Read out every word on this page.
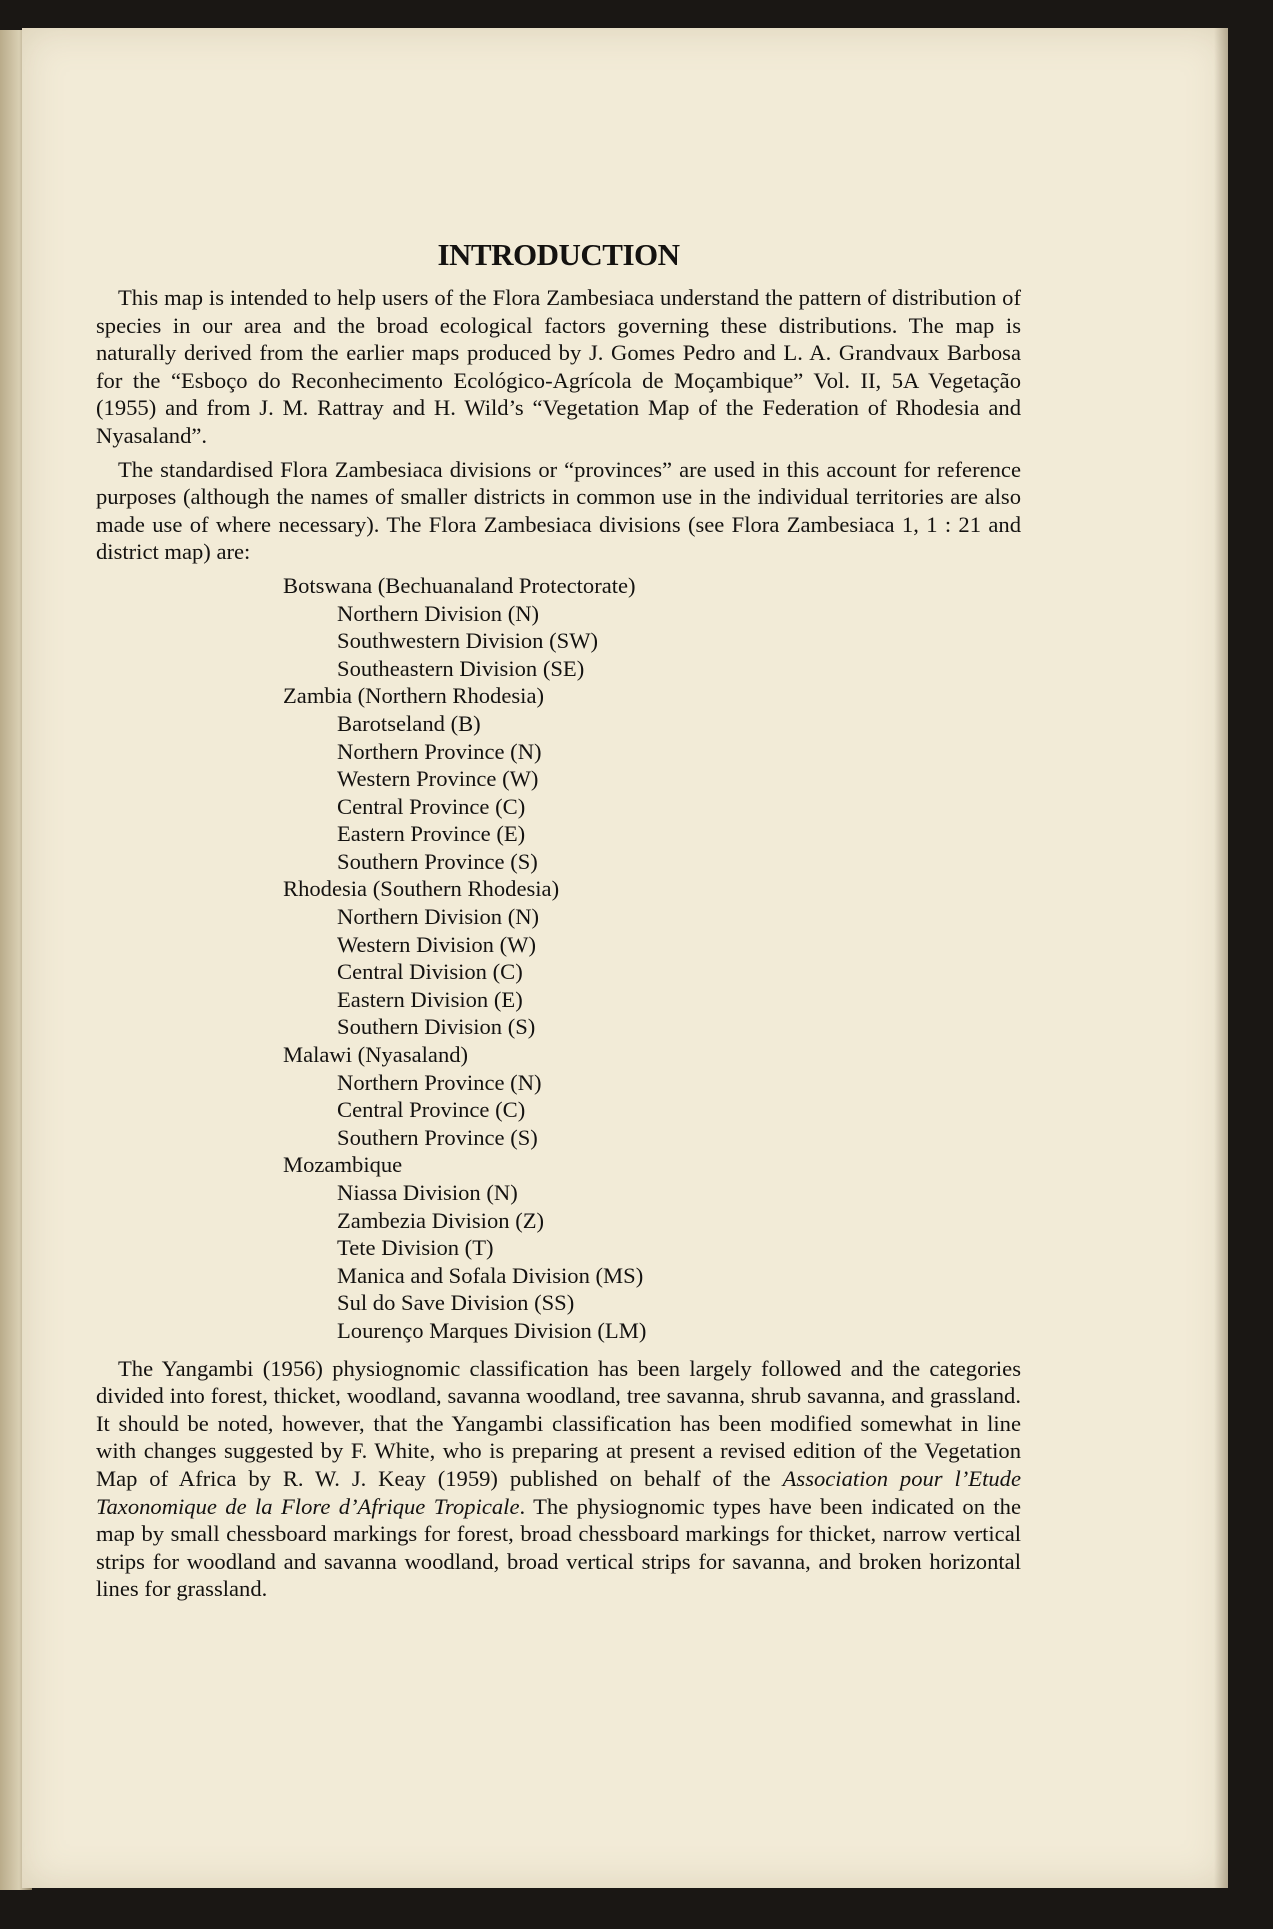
INTRODUCTION

This map is intended to help users of the Flora Zambesiaca understand the pattern of distribution of species in our area and the broad ecological factors governing these distributions. The map is naturally derived from the earlier maps produced by J. Gomes Pedro and L. A. Grandvaux Barbosa for the “Esboço do Reconhecimento Ecológico-Agrícola de Moçambique” Vol. II, 5A Vegetação (1955) and from J. M. Rattray and H. Wild’s “Vegetation Map of the Federation of Rhodesia and Nyasaland”.

The standardised Flora Zambesiaca divisions or “provinces” are used in this account for reference purposes (although the names of smaller districts in common use in the individual territories are also made use of where necessary). The Flora Zambesiaca divisions (see Flora Zambesiaca 1, 1 : 21 and district map) are:

Botswana (Bechuanaland Protectorate)
Northern Division (N)
Southwestern Division (SW)
Southeastern Division (SE)
Zambia (Northern Rhodesia)
Barotseland (B)
Northern Province (N)
Western Province (W)
Central Province (C)
Eastern Province (E)
Southern Province (S)
Rhodesia (Southern Rhodesia)
Northern Division (N)
Western Division (W)
Central Division (C)
Eastern Division (E)
Southern Division (S)
Malawi (Nyasaland)
Northern Province (N)
Central Province (C)
Southern Province (S)
Mozambique
Niassa Division (N)
Zambezia Division (Z)
Tete Division (T)
Manica and Sofala Division (MS)
Sul do Save Division (SS)
Lourenço Marques Division (LM)

The Yangambi (1956) physiognomic classification has been largely followed and the categories divided into forest, thicket, woodland, savanna woodland, tree savanna, shrub savanna, and grassland. It should be noted, however, that the Yangambi classification has been modified somewhat in line with changes suggested by F. White, who is preparing at present a revised edition of the Vegetation Map of Africa by R. W. J. Keay (1959) published on behalf of the Association pour l’Etude Taxonomique de la Flore d’Afrique Tropicale. The physiognomic types have been indicated on the map by small chessboard markings for forest, broad chessboard markings for thicket, narrow vertical strips for woodland and savanna woodland, broad vertical strips for savanna, and broken horizontal lines for grassland.
